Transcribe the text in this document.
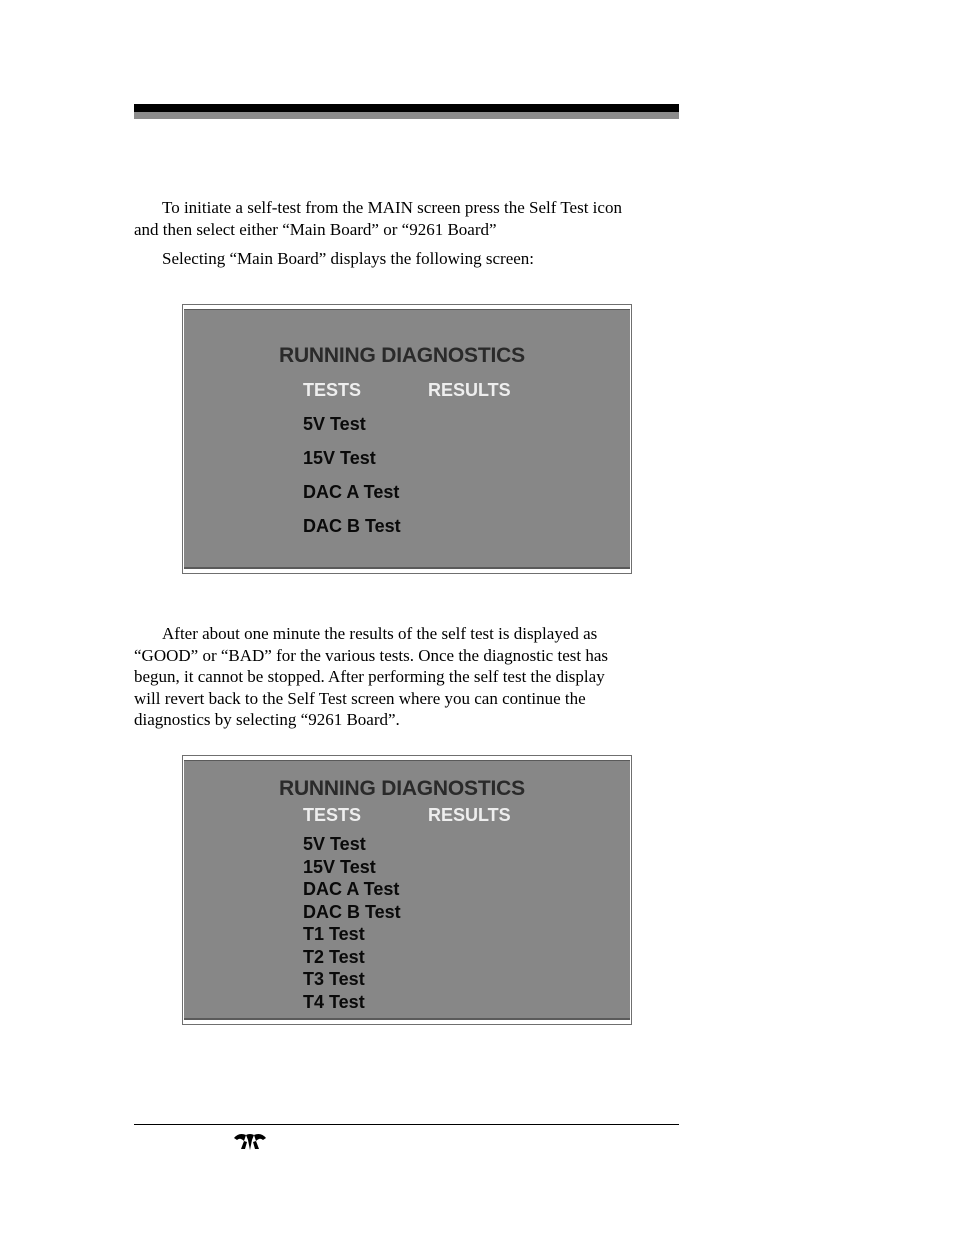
To initiate a self-test from the MAIN screen press the Self Test icon
and then select either “Main Board” or “9261 Board”

Selecting “Main Board” displays the following screen:

RUNNING DIAGNOSTICS
TESTS	RESULTS
5V Test
15V Test
DAC A Test
DAC B Test

After about one minute the results of the self test is displayed as
“GOOD” or “BAD” for the various tests. Once the diagnostic test has
begun, it cannot be stopped. After performing the self test the display
will revert back to the Self Test screen where you can continue the
diagnostics by selecting “9261 Board”.

RUNNING DIAGNOSTICS
TESTS	RESULTS
5V Test
15V Test
DAC A Test
DAC B Test
T1 Test
T2 Test
T3 Test
T4 Test
